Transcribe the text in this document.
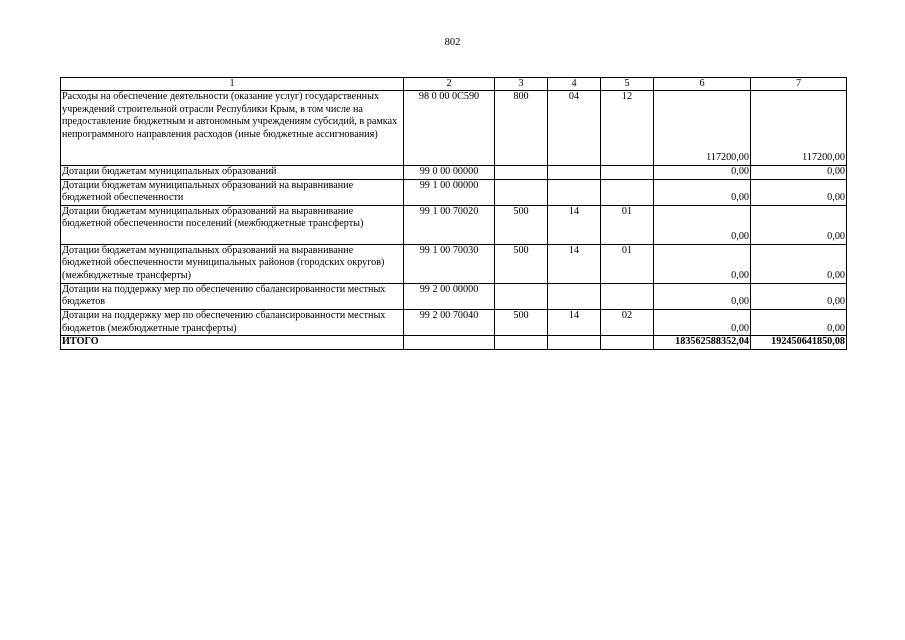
802
1	2	3	4	5	6	7
Расходы на обеспечение деятельности (оказание услуг) государственных учреждений строительной отрасли Республики Крым, в том числе на предоставление бюджетным и автономным учреждениям субсидий, в рамках непрограммного направления расходов (иные бюджетные ассигнования)	98 0 00 0С590	800	04	12	117200,00	117200,00
Дотации бюджетам муниципальных образований	99 0 00 00000				0,00	0,00
Дотации бюджетам муниципальных образований на выравнивание бюджетной обеспеченности	99 1 00 00000				0,00	0,00
Дотации бюджетам муниципальных образований на выравнивание бюджетной обеспеченности поселений (межбюджетные трансферты)	99 1 00 70020	500	14	01	0,00	0,00
Дотации бюджетам муниципальных образований на выравнивание бюджетной обеспеченности муниципальных районов (городских округов) (межбюджетные трансферты)	99 1 00 70030	500	14	01	0,00	0,00
Дотации на поддержку мер по обеспечению сбалансированности местных бюджетов	99 2 00 00000				0,00	0,00
Дотации на поддержку мер по обеспечению сбалансированности местных бюджетов (межбюджетные трансферты)	99 2 00 70040	500	14	02	0,00	0,00
ИТОГО					183562588352,04	192450641850,08
